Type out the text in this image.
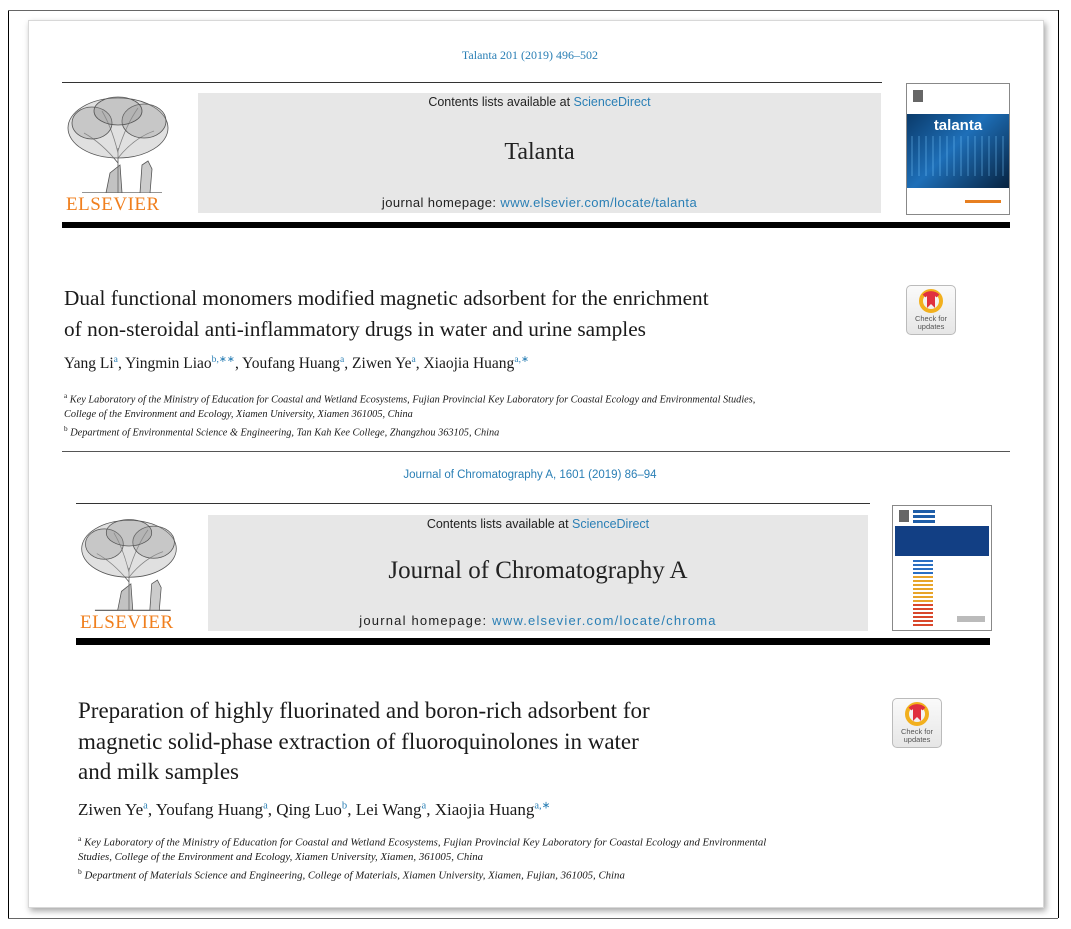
Talanta 201 (2019) 496–502
ELSEVIER
Contents lists available at ScienceDirect
Talanta
journal homepage: www.elsevier.com/locate/talanta
talanta
Dual functional monomers modified magnetic adsorbent for the enrichment
of non-steroidal anti-inflammatory drugs in water and urine samples	Check for
updates
Yang Li$^a$, Yingmin Liao$^{b,∗∗}$, Youfang Huang$^a$, Ziwen Ye$^a$, Xiaojia Huang$^{a,∗}$
$^a$ Key Laboratory of the Ministry of Education for Coastal and Wetland Ecosystems, Fujian Provincial Key Laboratory for Coastal Ecology and Environmental Studies,
College of the Environment and Ecology, Xiamen University, Xiamen 361005, China
$^b$ Department of Environmental Science & Engineering, Tan Kah Kee College, Zhangzhou 363105, China
Journal of Chromatography A, 1601 (2019) 86–94
ELSEVIER
Contents lists available at ScienceDirect
Journal of Chromatography A
journal homepage: www.elsevier.com/locate/chroma
Preparation of highly fluorinated and boron-rich adsorbent for
magnetic solid-phase extraction of fluoroquinolones in water
and milk samples
Check for
updates
Ziwen Ye$^a$, Youfang Huang$^a$, Qing Luo$^b$, Lei Wang$^a$, Xiaojia Huang$^{a,∗}$
$^a$ Key Laboratory of the Ministry of Education for Coastal and Wetland Ecosystems, Fujian Provincial Key Laboratory for Coastal Ecology and Environmental
Studies, College of the Environment and Ecology, Xiamen University, Xiamen, 361005, China
$^b$ Department of Materials Science and Engineering, College of Materials, Xiamen University, Xiamen, Fujian, 361005, China
